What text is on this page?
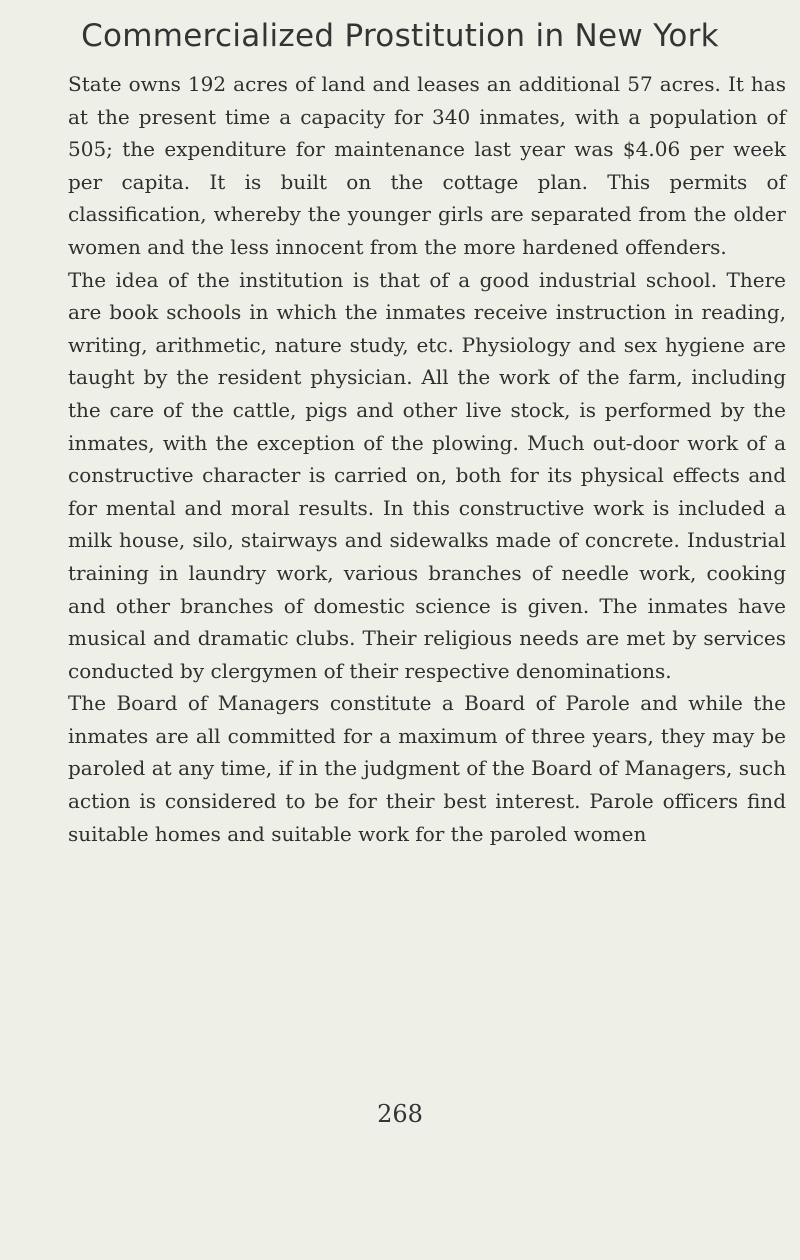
Commercialized Prostitution in New York

State owns 192 acres of land and leases an additional 57 acres. It has at the present time a capacity for 340 inmates, with a population of 505; the expenditure for maintenance last year was $4.06 per week per capita. It is built on the cottage plan. This permits of classification, whereby the younger girls are separated from the older women and the less innocent from the more hardened offenders.

The idea of the institution is that of a good industrial school. There are book schools in which the inmates receive instruction in reading, writing, arithmetic, nature study, etc. Physiology and sex hygiene are taught by the resident physician. All the work of the farm, including the care of the cattle, pigs and other live stock, is performed by the inmates, with the exception of the plowing. Much out-door work of a constructive character is carried on, both for its physical effects and for mental and moral results. In this constructive work is included a milk house, silo, stairways and sidewalks made of concrete. Industrial training in laundry work, various branches of needle work, cooking and other branches of domestic science is given. The inmates have musical and dramatic clubs. Their religious needs are met by services conducted by clergymen of their respective denominations.

The Board of Managers constitute a Board of Parole and while the inmates are all committed for a maximum of three years, they may be paroled at any time, if in the judgment of the Board of Managers, such action is considered to be for their best interest. Parole officers find suitable homes and suitable work for the paroled women

268
